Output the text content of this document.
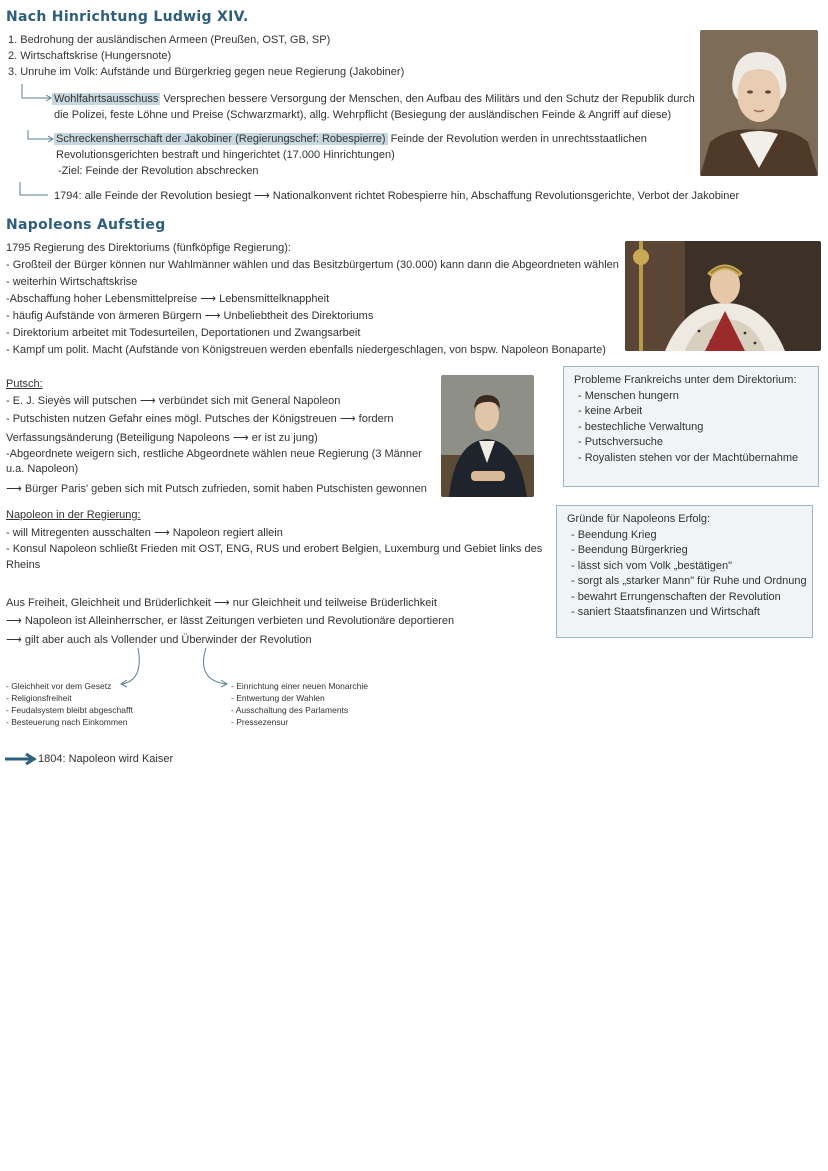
Nach Hinrichtung Ludwig XIV.
1. Bedrohung der ausländischen Armeen (Preußen, OST, GB, SP)
2. Wirtschaftskrise (Hungersnote)
3. Unruhe im Volk: Aufstände und Bürgerkrieg gegen neue Regierung (Jakobiner)
Wohlfahrtsausschuss Versprechen bessere Versorgung der Menschen, den Aufbau des Militärs und den Schutz der Republik durch
die Polizei, feste Löhne und Preise (Schwarzmarkt), allg. Wehrpflicht (Besiegung der ausländischen Feinde & Angriff auf diese)
Schreckensherrschaft der Jakobiner (Regierungschef: Robespierre) Feinde der Revolution werden in unrechtsstaatlichen
Revolutionsgerichten bestraft und hingerichtet (17.000 Hinrichtungen)
-Ziel: Feinde der Revolution abschrecken
1794: alle Feinde der Revolution besiegt ⟶ Nationalkonvent richtet Robespierre hin, Abschaffung Revolutionsgerichte, Verbot der Jakobiner
Napoleons Aufstieg
1795 Regierung des Direktoriums (fünfköpfige Regierung):
- Großteil der Bürger können nur Wahlmänner wählen und das Besitzbürgertum (30.000) kann dann die Abgeordneten wählen
- weiterhin Wirtschaftskrise
-Abschaffung hoher Lebensmittelpreise ⟶ Lebensmittelknappheit
- häufig Aufstände von ärmeren Bürgern ⟶ Unbeliebtheit des Direktoriums
- Direktorium arbeitet mit Todesurteilen, Deportationen und Zwangsarbeit
- Kampf um polit. Macht (Aufstände von Königstreuen werden ebenfalls niedergeschlagen, von bspw. Napoleon Bonaparte)
Putsch:
- E. J. Sieyès will putschen ⟶ verbündet sich mit General Napoleon
- Putschisten nutzen Gefahr eines mögl. Putsches der Königstreuen ⟶ fordern
Verfassungsänderung (Beteiligung Napoleons ⟶ er ist zu jung)
-Abgeordnete weigern sich, restliche Abgeordnete wählen neue Regierung (3 Männer
u.a. Napoleon)
⟶ Bürger Paris' geben sich mit Putsch zufrieden, somit haben Putschisten gewonnen
Probleme Frankreichs unter dem Direktorium:
- Menschen hungern
- keine Arbeit
- bestechliche Verwaltung
- Putschversuche
- Royalisten stehen vor der Machtübernahme
Napoleon in der Regierung:
- will Mitregenten ausschalten ⟶ Napoleon regiert allein
- Konsul Napoleon schließt Frieden mit OST, ENG, RUS und erobert Belgien, Luxemburg und Gebiet links des
Rheins
Gründe für Napoleons Erfolg:
- Beendung Krieg
- Beendung Bürgerkrieg
- lässt sich vom Volk „bestätigen"
- sorgt als „starker Mann" für Ruhe und Ordnung
- bewahrt Errungenschaften der Revolution
- saniert Staatsfinanzen und Wirtschaft
Aus Freiheit, Gleichheit und Brüderlichkeit ⟶ nur Gleichheit und teilweise Brüderlichkeit
⟶ Napoleon ist Alleinherrscher, er lässt Zeitungen verbieten und Revolutionäre deportieren
⟶ gilt aber auch als Vollender und Überwinder der Revolution
- Gleichheit vor dem Gesetz
- Religionsfreiheit
- Feudalsystem bleibt abgeschafft
- Besteuerung nach Einkommen
- Einrichtung einer neuen Monarchie
- Entwertung der Wahlen
- Ausschaltung des Parlaments
- Pressezensur
1804: Napoleon wird Kaiser
